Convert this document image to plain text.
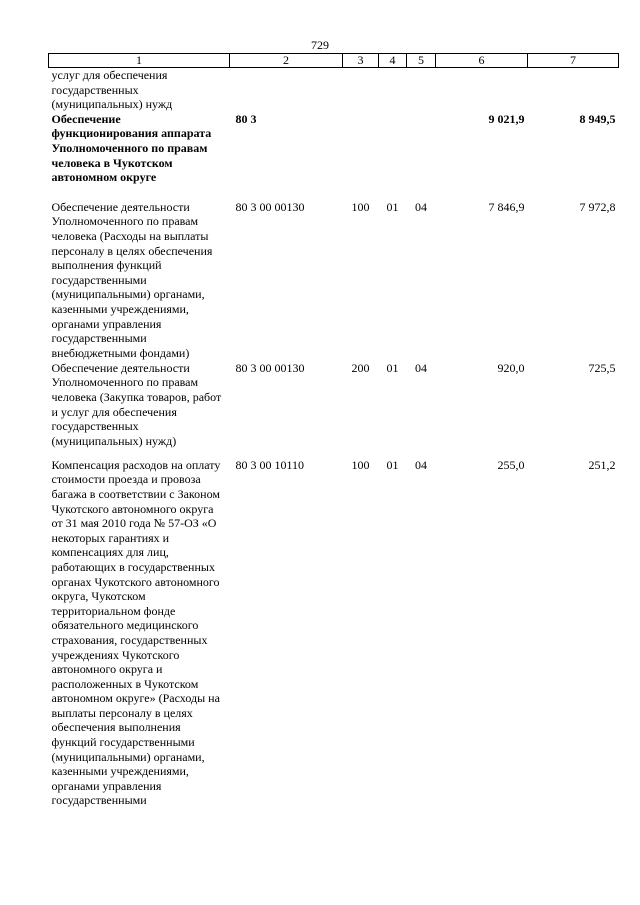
729
1	2	3	4	5	6	7
услуг для обеспечения государственных (муниципальных) нужд						
Обеспечение функционирования аппарата Уполномоченного по правам человека в Чукотском автономном округе	80 3				9 021,9	8 949,5
Обеспечение деятельности Уполномоченного по правам человека (Расходы на выплаты персоналу в целях обеспечения выполнения функций государственными (муниципальными) органами, казенными учреждениями, органами управления государственными внебюджетными фондами)	80 3 00 00130	100	01	04	7 846,9	7 972,8
Обеспечение деятельности Уполномоченного по правам человека (Закупка товаров, работ и услуг для обеспечения государственных (муниципальных) нужд)	80 3 00 00130	200	01	04	920,0	725,5
Компенсация расходов на оплату стоимости проезда и провоза багажа в соответствии с Законом Чукотского автономного округа от 31 мая 2010 года № 57-ОЗ «О некоторых гарантиях и компенсациях для лиц, работающих в государственных органах Чукотского автономного округа, Чукотском территориальном фонде обязательного медицинского страхования, государственных учреждениях Чукотского автономного округа и расположенных в Чукотском автономном округе» (Расходы на выплаты персоналу в целях обеспечения выполнения функций государственными (муниципальными) органами, казенными учреждениями, органами управления государственными	80 3 00 10110	100	01	04	255,0	251,2
